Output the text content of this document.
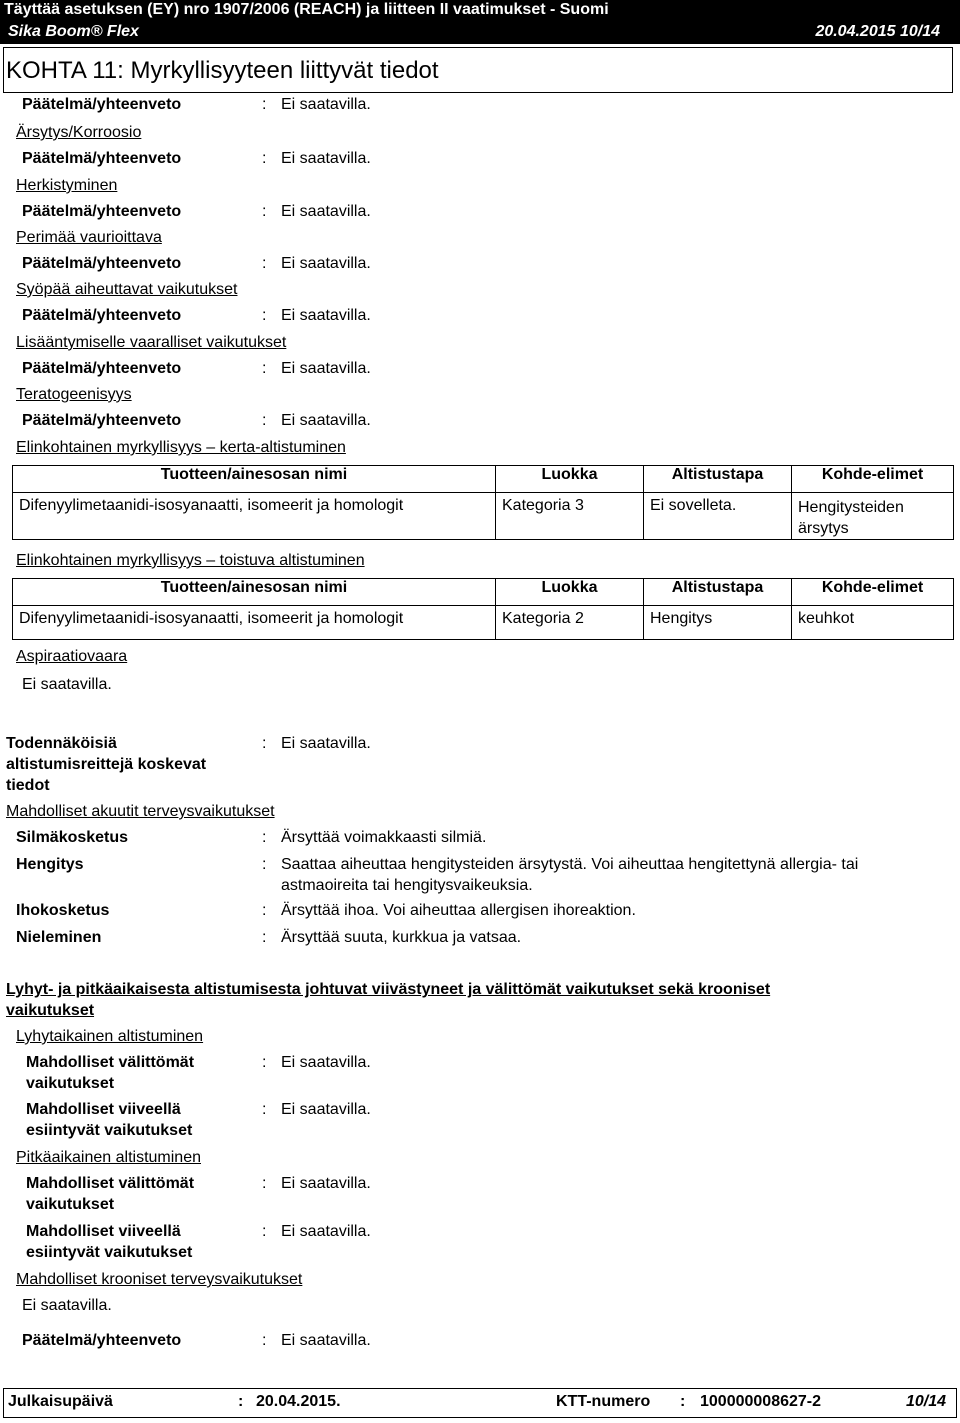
Täyttää asetuksen (EY) nro 1907/2006 (REACH) ja liitteen II vaatimukset - Suomi
Sika Boom® Flex	20.04.2015 10/14
KOHTA 11: Myrkyllisyyteen liittyvät tiedot
Päätelmä/yhteenveto	: Ei saatavilla.
Ärsytys/Korroosio
Päätelmä/yhteenveto	: Ei saatavilla.
Herkistyminen
Päätelmä/yhteenveto	: Ei saatavilla.
Perimää vaurioittava
Päätelmä/yhteenveto	: Ei saatavilla.
Syöpää aiheuttavat vaikutukset
Päätelmä/yhteenveto	: Ei saatavilla.
Lisääntymiselle vaaralliset vaikutukset
Päätelmä/yhteenveto	: Ei saatavilla.
Teratogeenisyys
Päätelmä/yhteenveto	: Ei saatavilla.
Elinkohtainen myrkyllisyys – kerta-altistuminen
Tuotteen/ainesosan nimi	Luokka	Altistustapa	Kohde-elimet
Difenyylimetaanidi-isosyanaatti, isomeerit ja homologit	Kategoria 3	Ei sovelleta.	Hengitysteiden
ärsytys
Elinkohtainen myrkyllisyys – toistuva altistuminen
Tuotteen/ainesosan nimi	Luokka	Altistustapa	Kohde-elimet
Difenyylimetaanidi-isosyanaatti, isomeerit ja homologit	Kategoria 2	Hengitys	keuhkot
Aspiraatiovaara
Ei saatavilla.
Todennäköisiä
altistumisreittejä koskevat
tiedot
: Ei saatavilla.
Mahdolliset akuutit terveysvaikutukset
Silmäkosketus	: Ärsyttää voimakkaasti silmiä.
Hengitys	: Saattaa aiheuttaa hengitysteiden ärsytystä. Voi aiheuttaa hengitettynä allergia- tai
astmaoireita tai hengitysvaikeuksia.
Ihokosketus	: Ärsyttää ihoa. Voi aiheuttaa allergisen ihoreaktion.
Nieleminen	: Ärsyttää suuta, kurkkua ja vatsaa.
Lyhyt- ja pitkäaikaisesta altistumisesta johtuvat viivästyneet ja välittömät vaikutukset sekä krooniset
vaikutukset
Lyhytaikainen altistuminen
Mahdolliset välittömät
vaikutukset
: Ei saatavilla.
Mahdolliset viiveellä
esiintyvät vaikutukset
: Ei saatavilla.
Pitkäaikainen altistuminen
Mahdolliset välittömät
vaikutukset
: Ei saatavilla.
Mahdolliset viiveellä
esiintyvät vaikutukset
: Ei saatavilla.
Mahdolliset krooniset terveysvaikutukset
Ei saatavilla.
Päätelmä/yhteenveto	: Ei saatavilla.
Julkaisupäivä	: 20.04.2015.	KTT-numero : 100000008627-2	10/14
